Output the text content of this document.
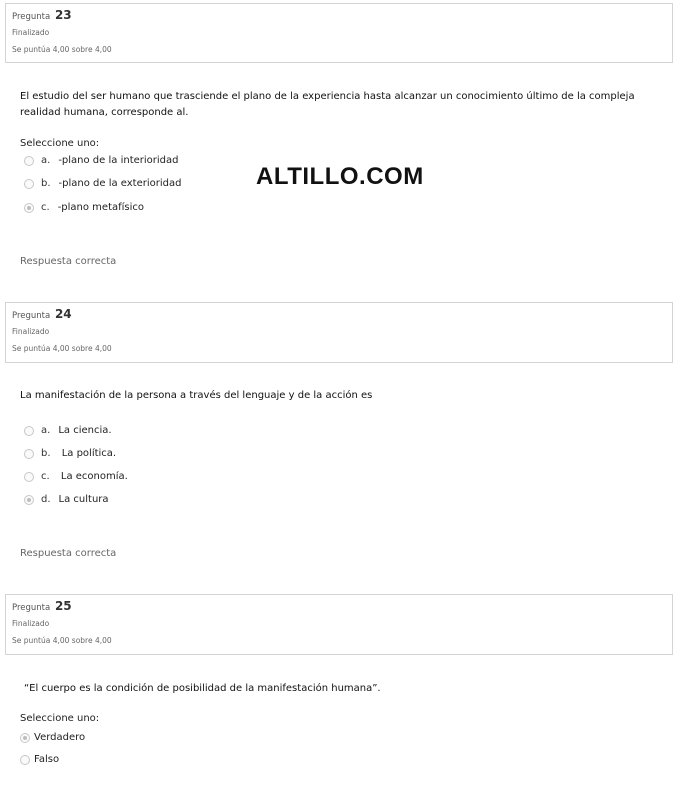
Pregunta 23
Finalizado
Se puntúa 4,00 sobre 4,00
El estudio del ser humano que trasciende el plano de la experiencia hasta alcanzar un conocimiento último de la compleja realidad humana, corresponde al.
Seleccione uno:
a. -plano de la interioridad
b. -plano de la exterioridad
c. -plano metafísico
Respuesta correcta
ALTILLO.COM
Pregunta 24
Finalizado
Se puntúa 4,00 sobre 4,00
La manifestación de la persona a través del lenguaje y de la acción es
a. La ciencia.
b. La política.
c. La economía.
d. La cultura
Respuesta correcta
Pregunta 25
Finalizado
Se puntúa 4,00 sobre 4,00
“El cuerpo es la condición de posibilidad de la manifestación humana”.
Seleccione uno:
Verdadero
Falso
